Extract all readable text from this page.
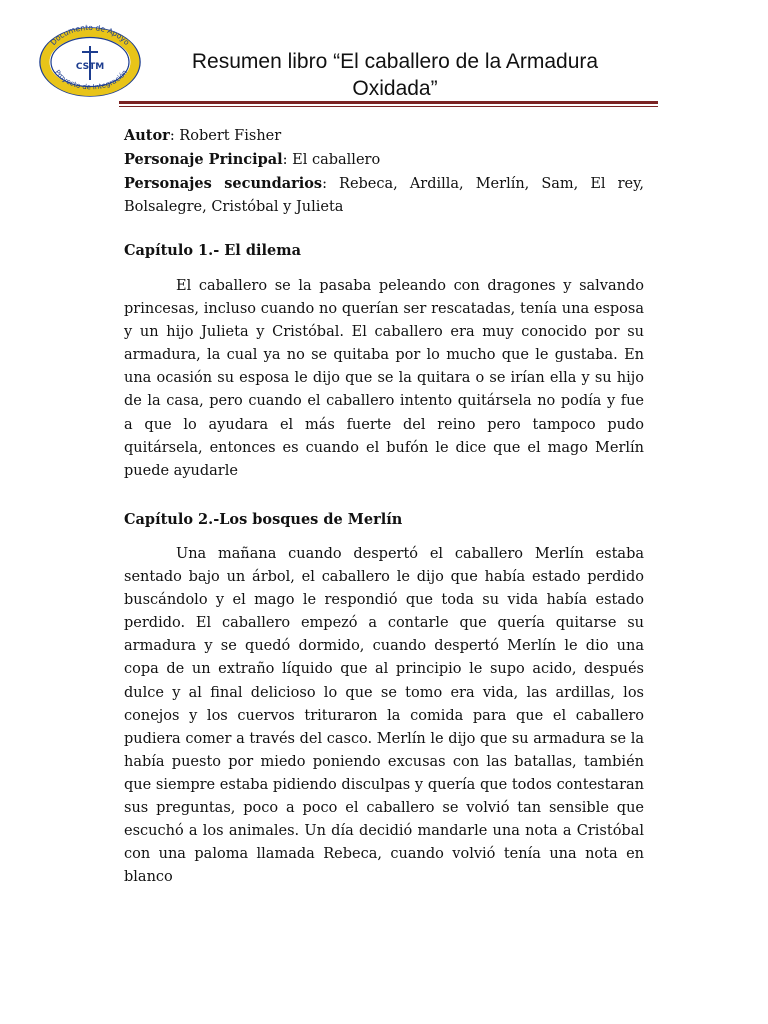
Documento de Apoyo
Proyecto de Integración
CSTM	Resumen libro “El caballero de la Armadura Oxidada”
Autor: Robert Fisher
Personaje Principal: El caballero
Personajes secundarios: Rebeca, Ardilla, Merlín, Sam, El rey, Bolsalegre, Cristóbal y Julieta
Capítulo 1.- El dilema
El caballero se la pasaba peleando con dragones y salvando princesas, incluso cuando no querían ser rescatadas, tenía una esposa y un hijo Julieta y Cristóbal. El caballero era muy conocido por su armadura, la cual ya no se quitaba por lo mucho que le gustaba. En una ocasión su esposa le dijo que se la quitara o se irían ella y su hijo de la casa, pero cuando el caballero intento quitársela no podía y fue a que lo ayudara el más fuerte del reino pero tampoco pudo quitársela, entonces es cuando el bufón le dice que el mago Merlín puede ayudarle
Capítulo 2.-Los bosques de Merlín
Una mañana cuando despertó el caballero Merlín estaba sentado bajo un árbol, el caballero le dijo que había estado perdido buscándolo y el mago le respondió que toda su vida había estado perdido. El caballero empezó a contarle que quería quitarse su armadura y se quedó dormido, cuando despertó Merlín le dio una copa de un extraño líquido que al principio le supo acido, después dulce y al final delicioso lo que se tomo era vida, las ardillas, los conejos y los cuervos trituraron la comida para que el caballero pudiera comer a través del casco. Merlín le dijo que su armadura se la había puesto por miedo poniendo excusas con las batallas, también que siempre estaba pidiendo disculpas y quería que todos contestaran sus preguntas, poco a poco el caballero se volvió tan sensible que escuchó a los animales. Un día decidió mandarle una nota a Cristóbal con una paloma llamada Rebeca, cuando volvió tenía una nota en blanco
